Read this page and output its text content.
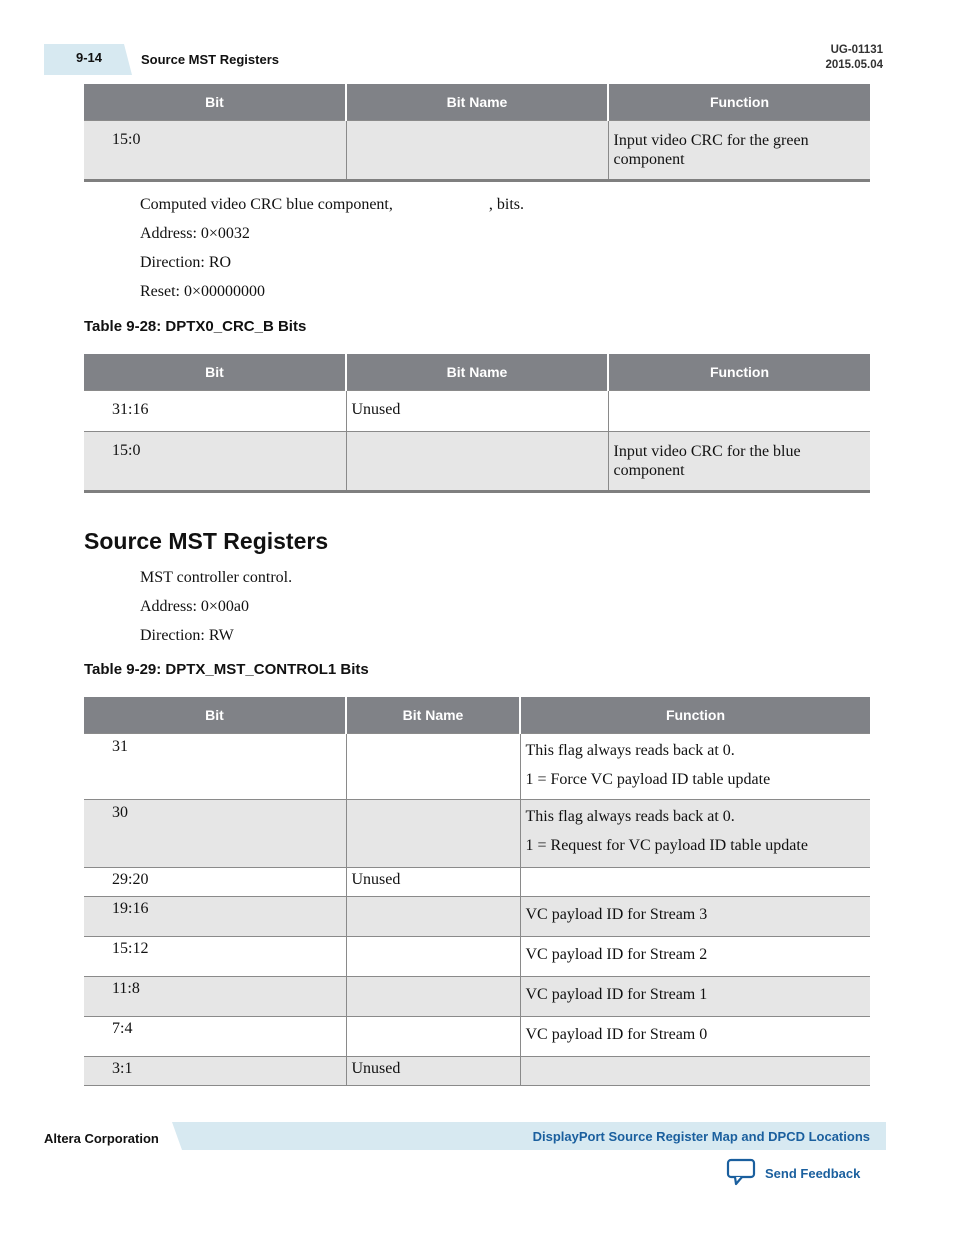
9-14	Source MST Registers
UG-01131
2015.05.04
Bit	Bit Name	Function
15:0		Input video CRC for the green component
Computed video CRC blue component,	, bits.
Address: 0×0032
Direction: RO
Reset: 0×00000000
Table 9-28: DPTX0_CRC_B Bits
Bit	Bit Name	Function
31:16	Unused	
15:0		Input video CRC for the blue component
Source MST Registers
MST controller control.
Address: 0×00a0
Direction: RW
Table 9-29: DPTX_MST_CONTROL1 Bits
Bit	Bit Name	Function
31		This flag always reads back at 0.

1 = Force VC payload ID table update

30		This flag always reads back at 0.

1 = Request for VC payload ID table update

29:20	Unused	
19:16		VC payload ID for Stream 3
15:12		VC payload ID for Stream 2
11:8		VC payload ID for Stream 1
7:4		VC payload ID for Stream 0
3:1	Unused	
Altera Corporation	DisplayPort Source Register Map and DPCD Locations
Send Feedback
